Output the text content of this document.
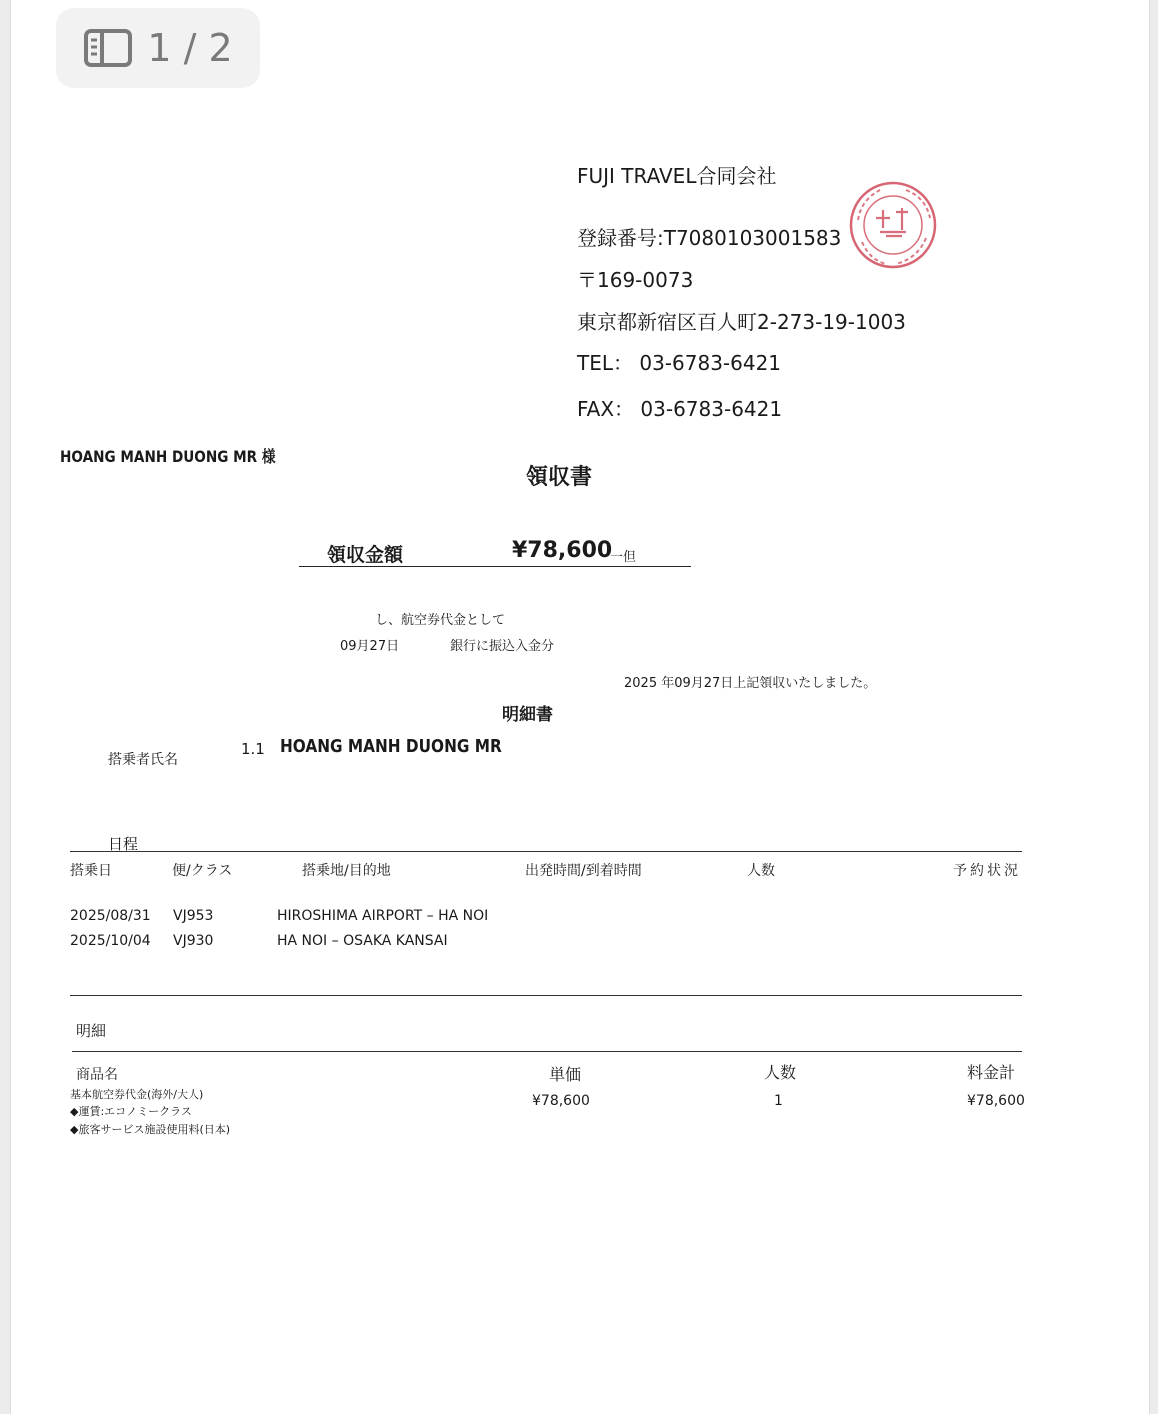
1 / 2
FUJI TRAVEL合同会社
登録番号:T7080103001583
〒169-0073
東京都新宿区百人町2-273-19-1003
TEL： 03-6783-6421
FAX： 03-6783-6421
HOANG MANH DUONG MR 様
領収書
領収金額	¥78,600
一但
し、航空券代金として
09月27日	銀行に振込入金分
2025 年09月27日上記領収いたしました。
明細書
搭乗者氏名
1.1 HOANG MANH DUONG MR
日程
搭乗日	便/クラス	搭乗地/目的地	出発時間/到着時間	人数	予約状況
2025/08/31 VJ953	HIROSHIMA AIRPORT – HA NOI
2025/10/04 VJ930	HA NOI – OSAKA KANSAI
明細
商品名	単価	人数	料金計
基本航空券代金(海外/大人)
◆運賃:エコノミークラス
◆旅客サービス施設使用料(日本)
¥78,600	1	¥78,600
